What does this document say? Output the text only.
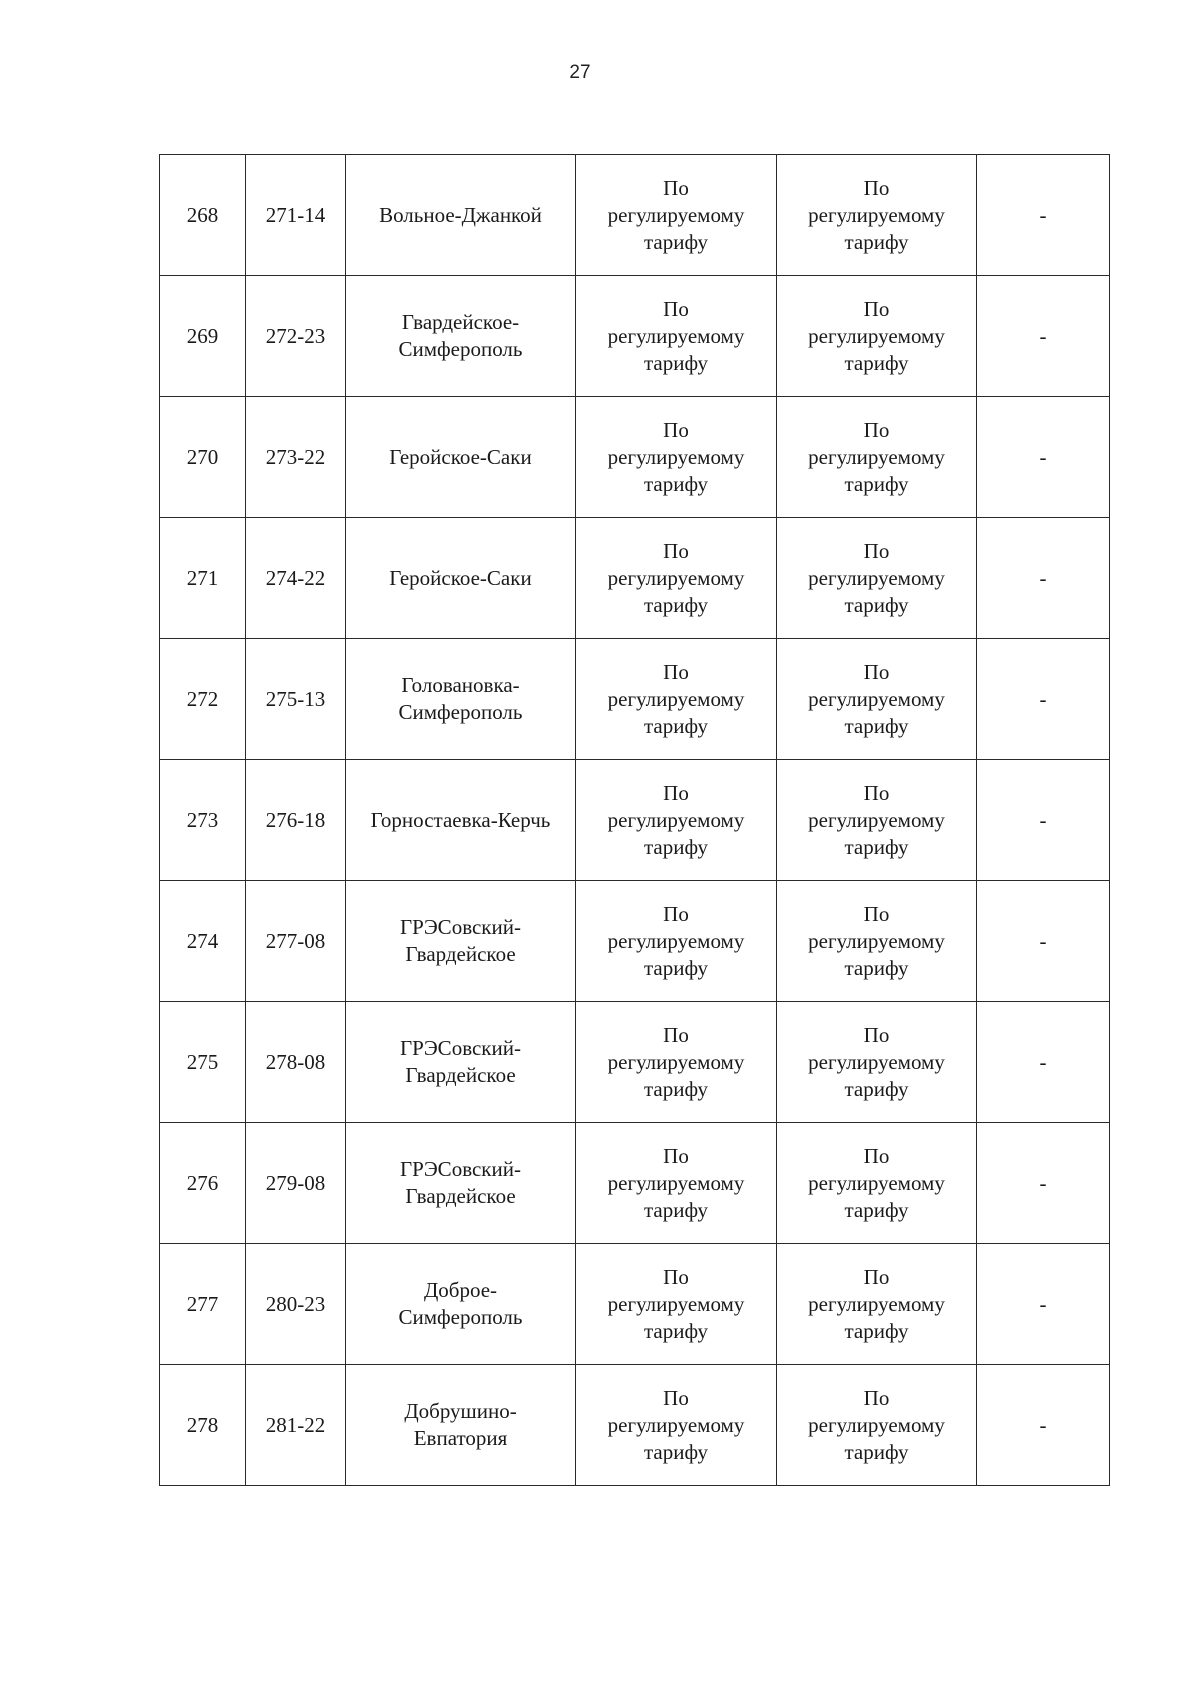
27
268	271-14	Вольное-Джанкой	По
регулируемому
тарифу	По
регулируемому
тарифу	-
269	272-23	Гвардейское-
Симферополь	По
регулируемому
тарифу	По
регулируемому
тарифу	-
270	273-22	Геройское-Саки	По
регулируемому
тарифу	По
регулируемому
тарифу	-
271	274-22	Геройское-Саки	По
регулируемому
тарифу	По
регулируемому
тарифу	-
272	275-13	Голованoвка-
Симферополь	По
регулируемому
тарифу	По
регулируемому
тарифу	-
273	276-18	Горностаевка-Керчь	По
регулируемому
тарифу	По
регулируемому
тарифу	-
274	277-08	ГРЭСовский-
Гвардейское	По
регулируемому
тарифу	По
регулируемому
тарифу	-
275	278-08	ГРЭСовский-
Гвардейское	По
регулируемому
тарифу	По
регулируемому
тарифу	-
276	279-08	ГРЭСовский-
Гвардейское	По
регулируемому
тарифу	По
регулируемому
тарифу	-
277	280-23	Доброе-
Симферополь	По
регулируемому
тарифу	По
регулируемому
тарифу	-
278	281-22	Добрушино-
Евпатория	По
регулируемому
тарифу	По
регулируемому
тарифу	-
